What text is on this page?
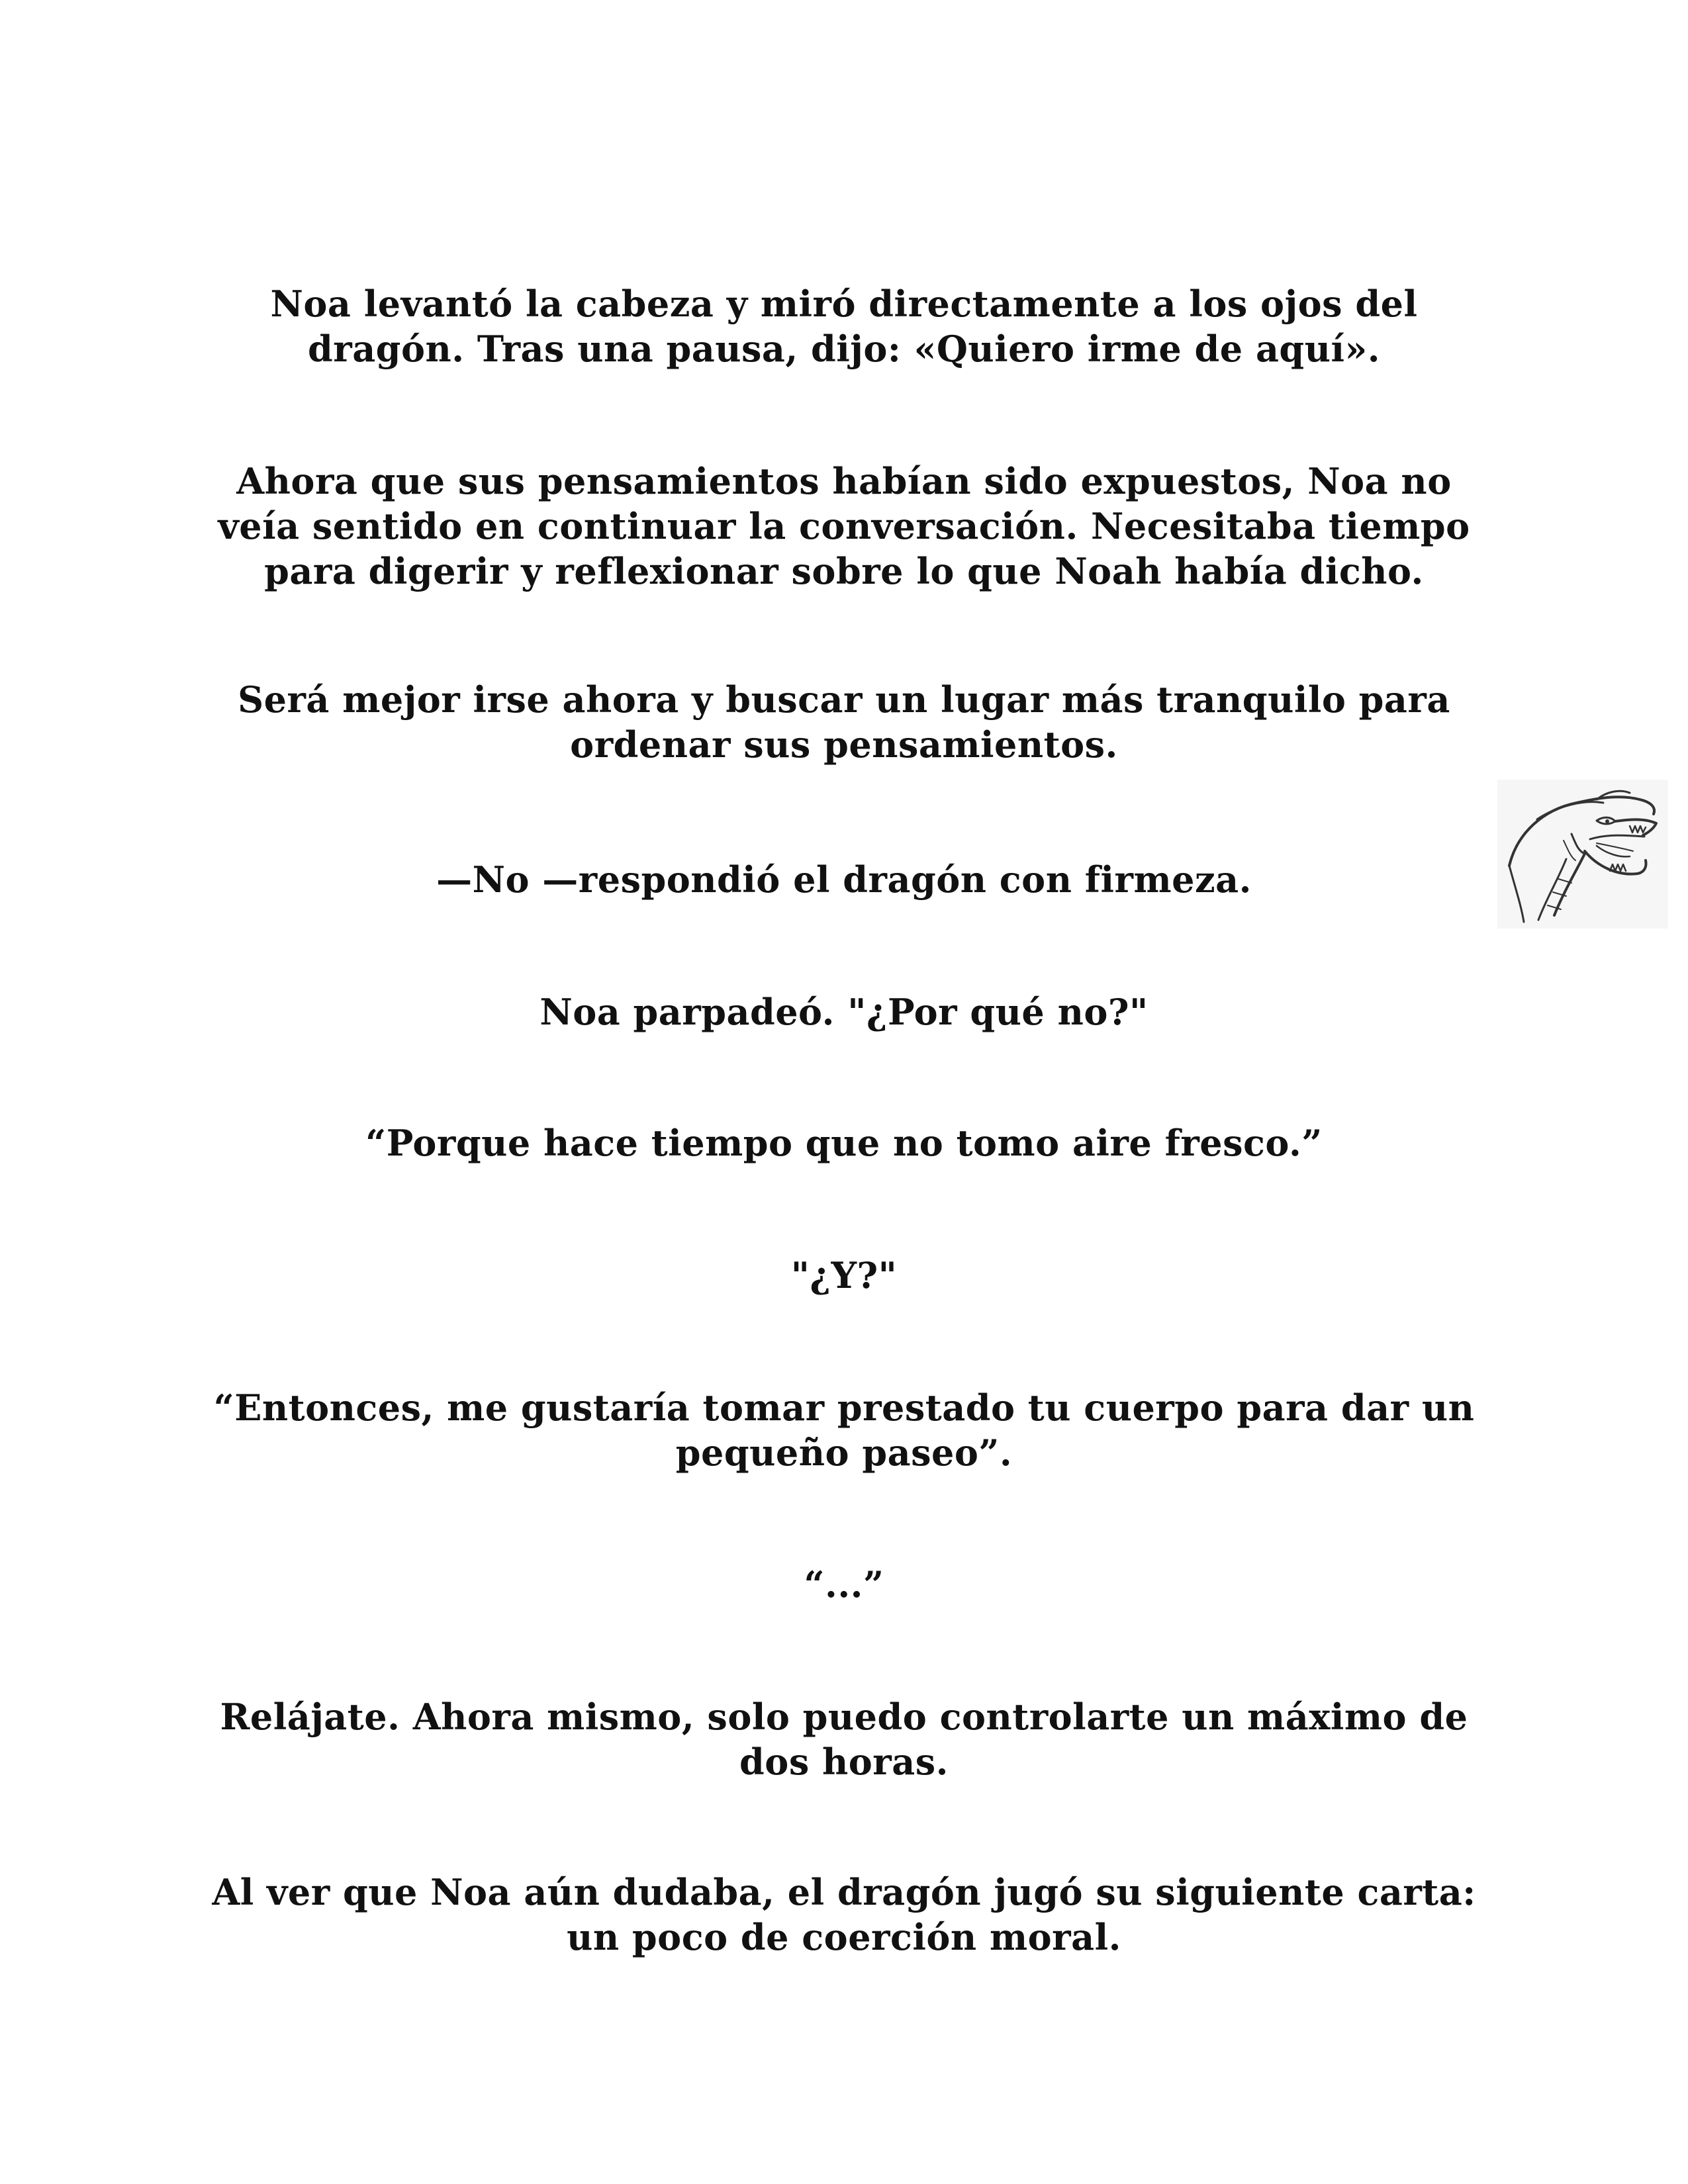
Noa levantó la cabeza y miró directamente a los ojos del
dragón. Tras una pausa, dijo: «Quiero irme de aquí».

Ahora que sus pensamientos habían sido expuestos, Noa no
veía sentido en continuar la conversación. Necesitaba tiempo
para digerir y reflexionar sobre lo que Noah había dicho.

Será mejor irse ahora y buscar un lugar más tranquilo para
ordenar sus pensamientos.

—No —respondió el dragón con firmeza.

Noa parpadeó. "¿Por qué no?"

“Porque hace tiempo que no tomo aire fresco.”

"¿Y?"

“Entonces, me gustaría tomar prestado tu cuerpo para dar un
pequeño paseo”.

“...”

Relájate. Ahora mismo, solo puedo controlarte un máximo de
dos horas.

Al ver que Noa aún dudaba, el dragón jugó su siguiente carta:
un poco de coerción moral.
